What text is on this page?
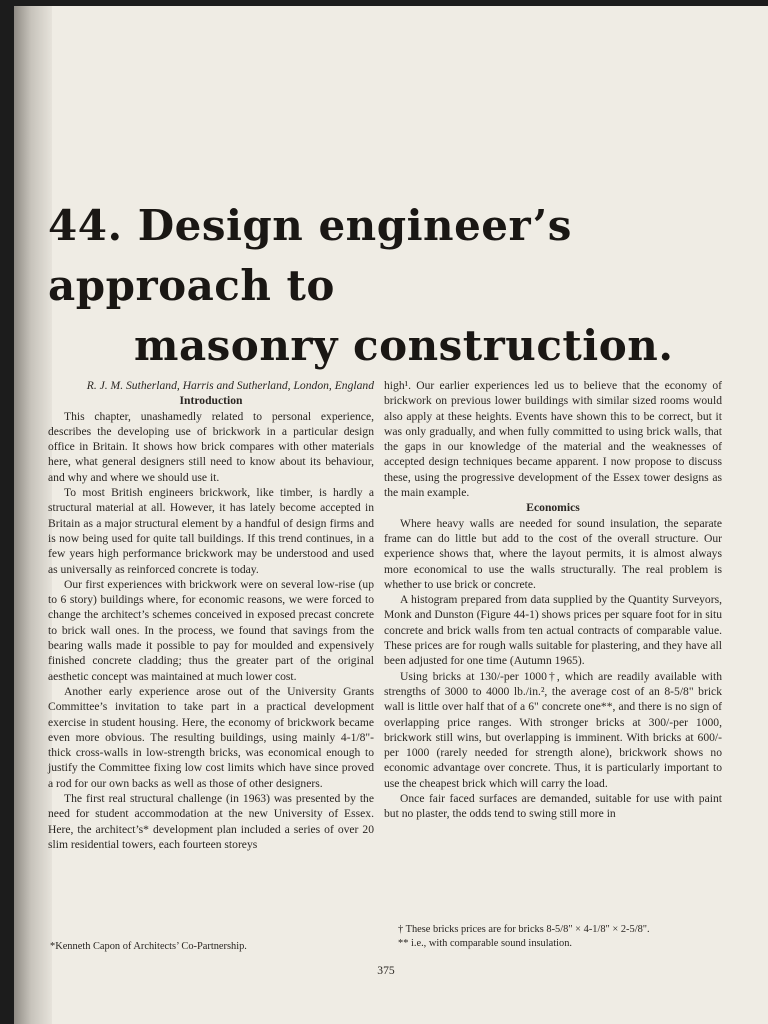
44. Design engineer’s approach to
masonry construction.

R. J. M. Sutherland, Harris and Sutherland, London, England

Introduction

This chapter, unashamedly related to personal experience, describes the developing use of brickwork in a particular design office in Britain. It shows how brick compares with other materials here, what general designers still need to know about its behaviour, and why and where we should use it.

To most British engineers brickwork, like timber, is hardly a structural material at all. However, it has lately become accepted in Britain as a major structural element by a handful of design firms and is now being used for quite tall buildings. If this trend continues, in a few years high performance brickwork may be understood and used as universally as reinforced concrete is today.

Our first experiences with brickwork were on several low-rise (up to 6 story) buildings where, for economic reasons, we were forced to change the architect’s schemes conceived in exposed precast concrete to brick wall ones. In the process, we found that savings from the bearing walls made it possible to pay for moulded and expensively finished concrete cladding; thus the greater part of the original aesthetic concept was maintained at much lower cost.

Another early experience arose out of the University Grants Committee’s invitation to take part in a practical development exercise in student housing. Here, the economy of brickwork became even more obvious. The resulting buildings, using mainly 4-1/8"-thick cross-walls in low-strength bricks, was economical enough to justify the Committee fixing low cost limits which have since proved a rod for our own backs as well as those of other designers.

The first real structural challenge (in 1963) was presented by the need for student accommodation at the new University of Essex. Here, the architect’s* development plan included a series of over 20 slim residential towers, each fourteen storeys

high¹. Our earlier experiences led us to believe that the economy of brickwork on previous lower buildings with similar sized rooms would also apply at these heights. Events have shown this to be correct, but it was only gradually, and when fully committed to using brick walls, that the gaps in our knowledge of the material and the weaknesses of accepted design techniques became apparent. I now propose to discuss these, using the progressive development of the Essex tower designs as the main example.

Economics

Where heavy walls are needed for sound insulation, the separate frame can do little but add to the cost of the overall structure. Our experience shows that, where the layout permits, it is almost always more economical to use the walls structurally. The real problem is whether to use brick or concrete.

A histogram prepared from data supplied by the Quantity Surveyors, Monk and Dunston (Figure 44-1) shows prices per square foot for in situ concrete and brick walls from ten actual contracts of comparable value. These prices are for rough walls suitable for plastering, and they have all been adjusted for one time (Autumn 1965).

Using bricks at 130/-per 1000†, which are readily available with strengths of 3000 to 4000 lb./in.², the average cost of an 8-5/8" brick wall is little over half that of a 6" concrete one**, and there is no sign of overlapping price ranges. With stronger bricks at 300/-per 1000, brickwork still wins, but overlapping is imminent. With bricks at 600/-per 1000 (rarely needed for strength alone), brickwork shows no economic advantage over concrete. Thus, it is particularly important to use the cheapest brick which will carry the load.

Once fair faced surfaces are demanded, suitable for use with paint but no plaster, the odds tend to swing still more in

*Kenneth Capon of Architects’ Co-Partnership.
† These bricks prices are for bricks 8-5/8" × 4-1/8" × 2-5/8".
** i.e., with comparable sound insulation.
375
